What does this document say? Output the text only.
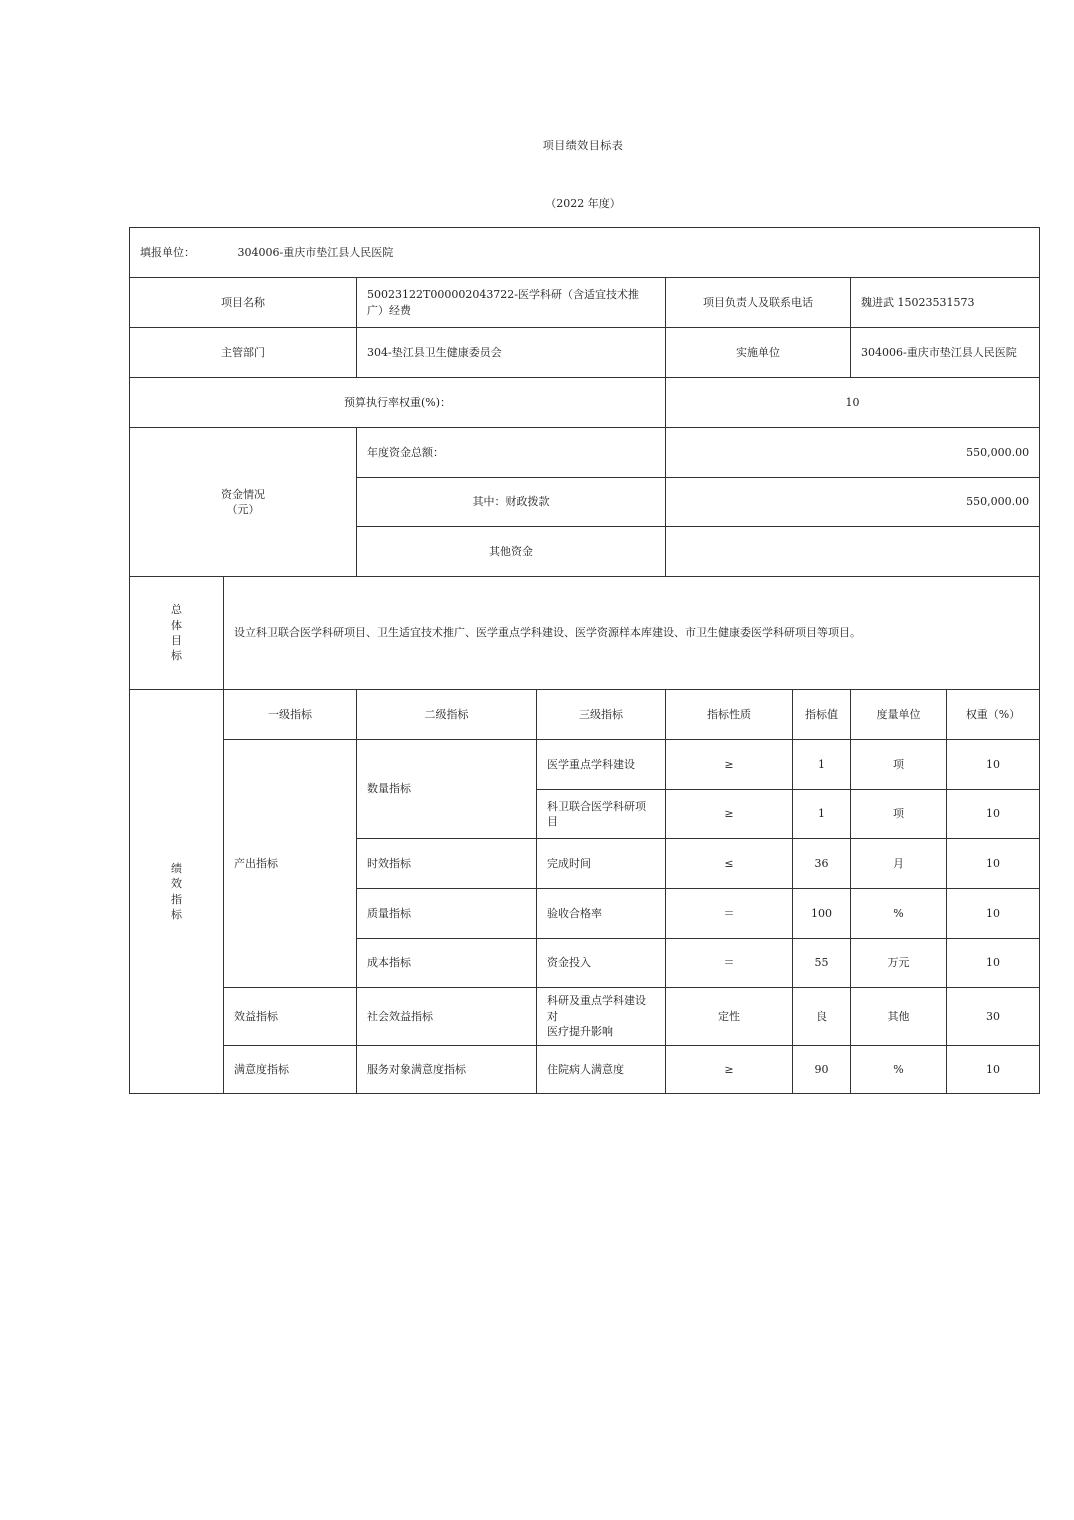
项目绩效目标表
（2022 年度）
填报单位： 304006-重庆市垫江县人民医院							
项目名称		50023122T000002043722-医学科研（含适宜技术推广）经费		项目负责人及联系电话		魏进武 15023531573	
主管部门		304-垫江县卫生健康委员会		实施单位		304006-重庆市垫江县人民医院	
预算执行率权重(%)：				10			

资金情况
（元）		年度资金总额：		550,000.00			
		其中：财政拨款		550,000.00			
		其他资金					

总
体
目
标	设立科卫联合医学科研项目、卫生适宜技术推广、医学重点学科建设、医学资源样本库建设、市卫生健康委医学科研项目等项目。						

绩
效
指
标	一级指标	二级指标	三级指标	指标性质	指标值	度量单位	权重（%）
	产出指标	数量指标	医学重点学科建设	≥	1	项	10
			科卫联合医学科研项目	≥	1	项	10
		时效指标	完成时间	≤	36	月	10
		质量指标	验收合格率	＝	100	%	10
		成本指标	资金投入	＝	55	万元	10
	效益指标	社会效益指标	科研及重点学科建设对
医疗提升影响	定性	良	其他	30
	满意度指标	服务对象满意度指标	住院病人满意度	≥	90	%	10
